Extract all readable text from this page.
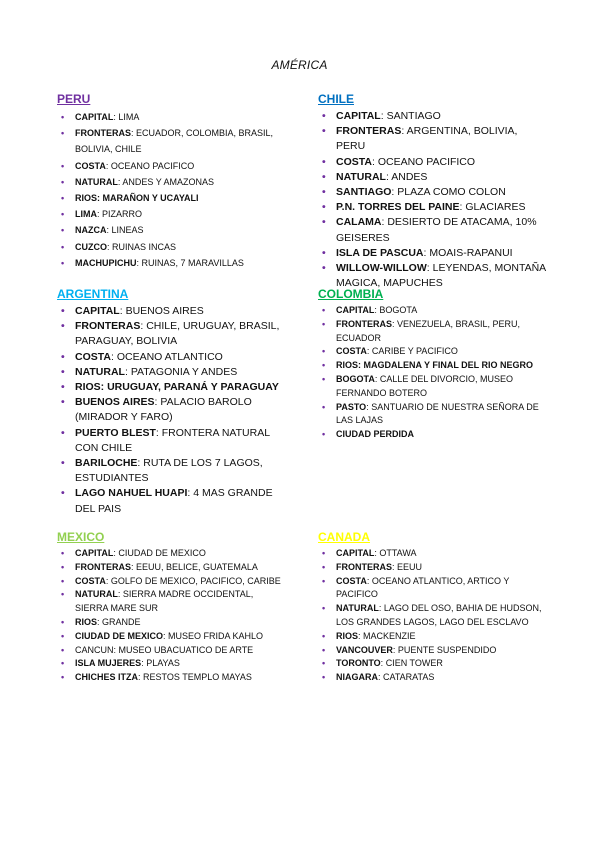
AMÉRICA
PERU
• CAPITAL: LIMA
• FRONTERAS: ECUADOR, COLOMBIA, BRASIL, BOLIVIA, CHILE
• COSTA: OCEANO PACIFICO
• NATURAL: ANDES Y AMAZONAS
• RIOS: MARAÑON Y UCAYALI
• LIMA: PIZARRO
• NAZCA: LINEAS
• CUZCO: RUINAS INCAS
• MACHUPICHU: RUINAS, 7 MARAVILLAS
CHILE
• CAPITAL: SANTIAGO
• FRONTERAS: ARGENTINA, BOLIVIA, PERU
• COSTA: OCEANO PACIFICO
• NATURAL: ANDES
• SANTIAGO: PLAZA COMO COLON
• P.N. TORRES DEL PAINE: GLACIARES
• CALAMA: DESIERTO DE ATACAMA, 10% GEISERES
• ISLA DE PASCUA: MOAIS-RAPANUI
• WILLOW-WILLOW: LEYENDAS, MONTAÑA MAGICA, MAPUCHES
ARGENTINA
• CAPITAL: BUENOS AIRES
• FRONTERAS: CHILE, URUGUAY, BRASIL, PARAGUAY, BOLIVIA
• COSTA: OCEANO ATLANTICO
• NATURAL: PATAGONIA Y ANDES
• RIOS: URUGUAY, PARANÁ Y PARAGUAY
• BUENOS AIRES: PALACIO BAROLO (MIRADOR Y FARO)
• PUERTO BLEST: FRONTERA NATURAL CON CHILE
• BARILOCHE: RUTA DE LOS 7 LAGOS, ESTUDIANTES
• LAGO NAHUEL HUAPI: 4 MAS GRANDE DEL PAIS
COLOMBIA
• CAPITAL: BOGOTA
• FRONTERAS: VENEZUELA, BRASIL, PERU, ECUADOR
• COSTA: CARIBE Y PACIFICO
• RIOS: MAGDALENA Y FINAL DEL RIO NEGRO
• BOGOTA: CALLE DEL DIVORCIO, MUSEO FERNANDO BOTERO
• PASTO: SANTUARIO DE NUESTRA SEÑORA DE LAS LAJAS
• CIUDAD PERDIDA
MEXICO
• CAPITAL: CIUDAD DE MEXICO
• FRONTERAS: EEUU, BELICE, GUATEMALA
• COSTA: GOLFO DE MEXICO, PACIFICO, CARIBE
• NATURAL: SIERRA MADRE OCCIDENTAL, SIERRA MARE SUR
• RIOS: GRANDE
• CIUDAD DE MEXICO: MUSEO FRIDA KAHLO
• CANCUN: MUSEO UBACUATICO DE ARTE
• ISLA MUJERES: PLAYAS
• CHICHES ITZA: RESTOS TEMPLO MAYAS
CANADA
• CAPITAL: OTTAWA
• FRONTERAS: EEUU
• COSTA: OCEANO ATLANTICO, ARTICO Y PACIFICO
• NATURAL: LAGO DEL OSO, BAHIA DE HUDSON, LOS GRANDES LAGOS, LAGO DEL ESCLAVO
• RIOS: MACKENZIE
• VANCOUVER: PUENTE SUSPENDIDO
• TORONTO: CIEN TOWER
• NIAGARA: CATARATAS
